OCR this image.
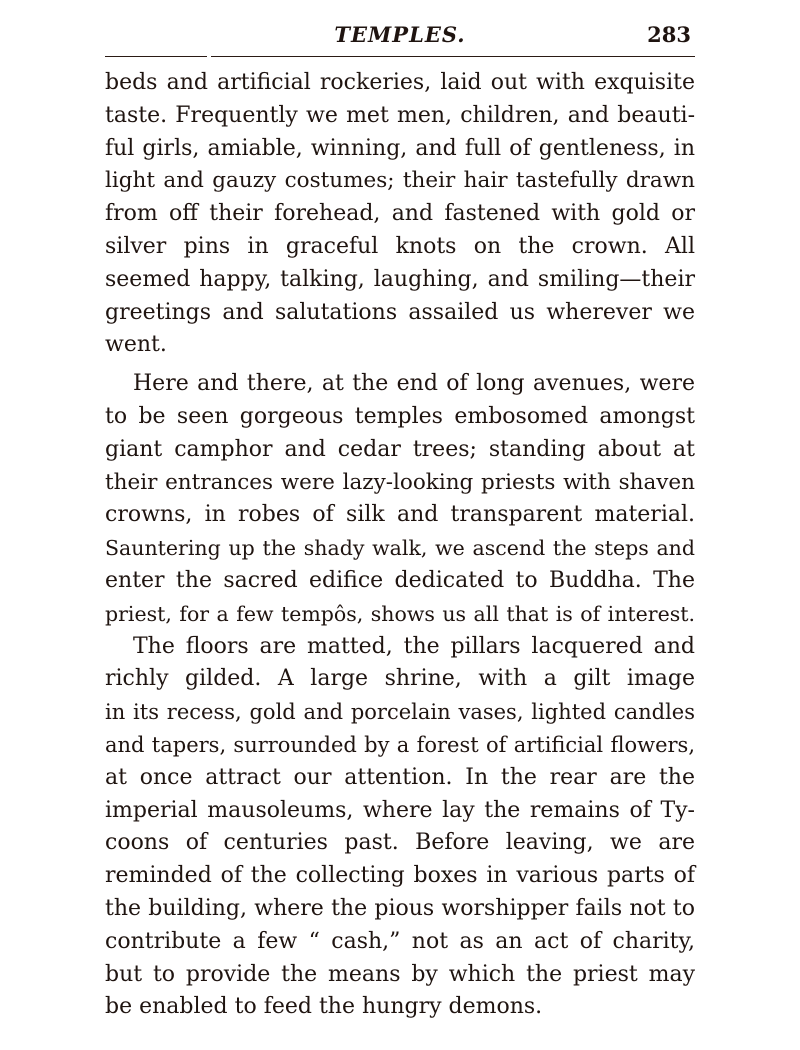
TEMPLES.	283
beds and artificial rockeries, laid out with exquisite
taste. Frequently we met men, children, and beauti-
ful girls, amiable, winning, and full of gentleness, in
light and gauzy costumes; their hair tastefully drawn
from off their forehead, and fastened with gold or
silver pins in graceful knots on the crown. All
seemed happy, talking, laughing, and smiling—their
greetings and salutations assailed us wherever we
went.
Here and there, at the end of long avenues, were
to be seen gorgeous temples embosomed amongst
giant camphor and cedar trees; standing about at
their entrances were lazy-looking priests with shaven
crowns, in robes of silk and transparent material.
Sauntering up the shady walk, we ascend the steps and
enter the sacred edifice dedicated to Buddha. The
priest, for a few tempôs, shows us all that is of interest.
The floors are matted, the pillars lacquered and
richly gilded. A large shrine, with a gilt image
in its recess, gold and porcelain vases, lighted candles
and tapers, surrounded by a forest of artificial flowers,
at once attract our attention. In the rear are the
imperial mausoleums, where lay the remains of Ty-
coons of centuries past. Before leaving, we are
reminded of the collecting boxes in various parts of
the building, where the pious worshipper fails not to
contribute a few “ cash,” not as an act of charity,
but to provide the means by which the priest may
be enabled to feed the hungry demons.
